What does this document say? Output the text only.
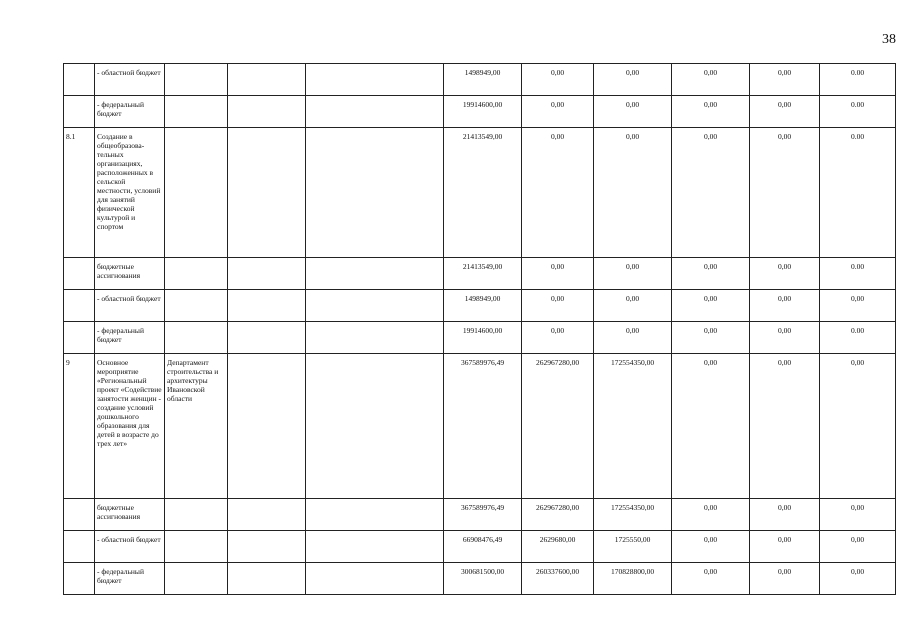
38
	- областной бюджет				1498949,00	0,00	0,00	0,00	0,00	0.00
	- федеральный бюджет				19914600,00	0,00	0,00	0,00	0,00	0.00
8.1	Создание в общеобразова-тельных организациях, расположенных в сельской местности, условий для занятий физической культурой и спортом				21413549,00	0,00	0,00	0,00	0,00	0.00
	бюджетные ассигнования				21413549,00	0,00	0,00	0,00	0,00	0.00
	- областной бюджет				1498949,00	0,00	0,00	0,00	0,00	0,00
	- федеральный бюджет				19914600,00	0,00	0,00	0,00	0,00	0.00
9	Основное мероприятие «Региональный проект «Содействие занятости женщин - создание условий дошкольного образования для детей в возрасте до трех лет»	Департамент строительства и архитектуры Ивановской области			367589976,49	262967280,00	172554350,00	0,00	0,00	0,00
	бюджетные ассигнования				367589976,49	262967280,00	172554350,00	0,00	0,00	0,00
	- областной бюджет				66908476,49	2629680,00	1725550,00	0,00	0,00	0,00
	- федеральный бюджет				300681500,00	260337600,00	170828800,00	0,00	0,00	0,00
